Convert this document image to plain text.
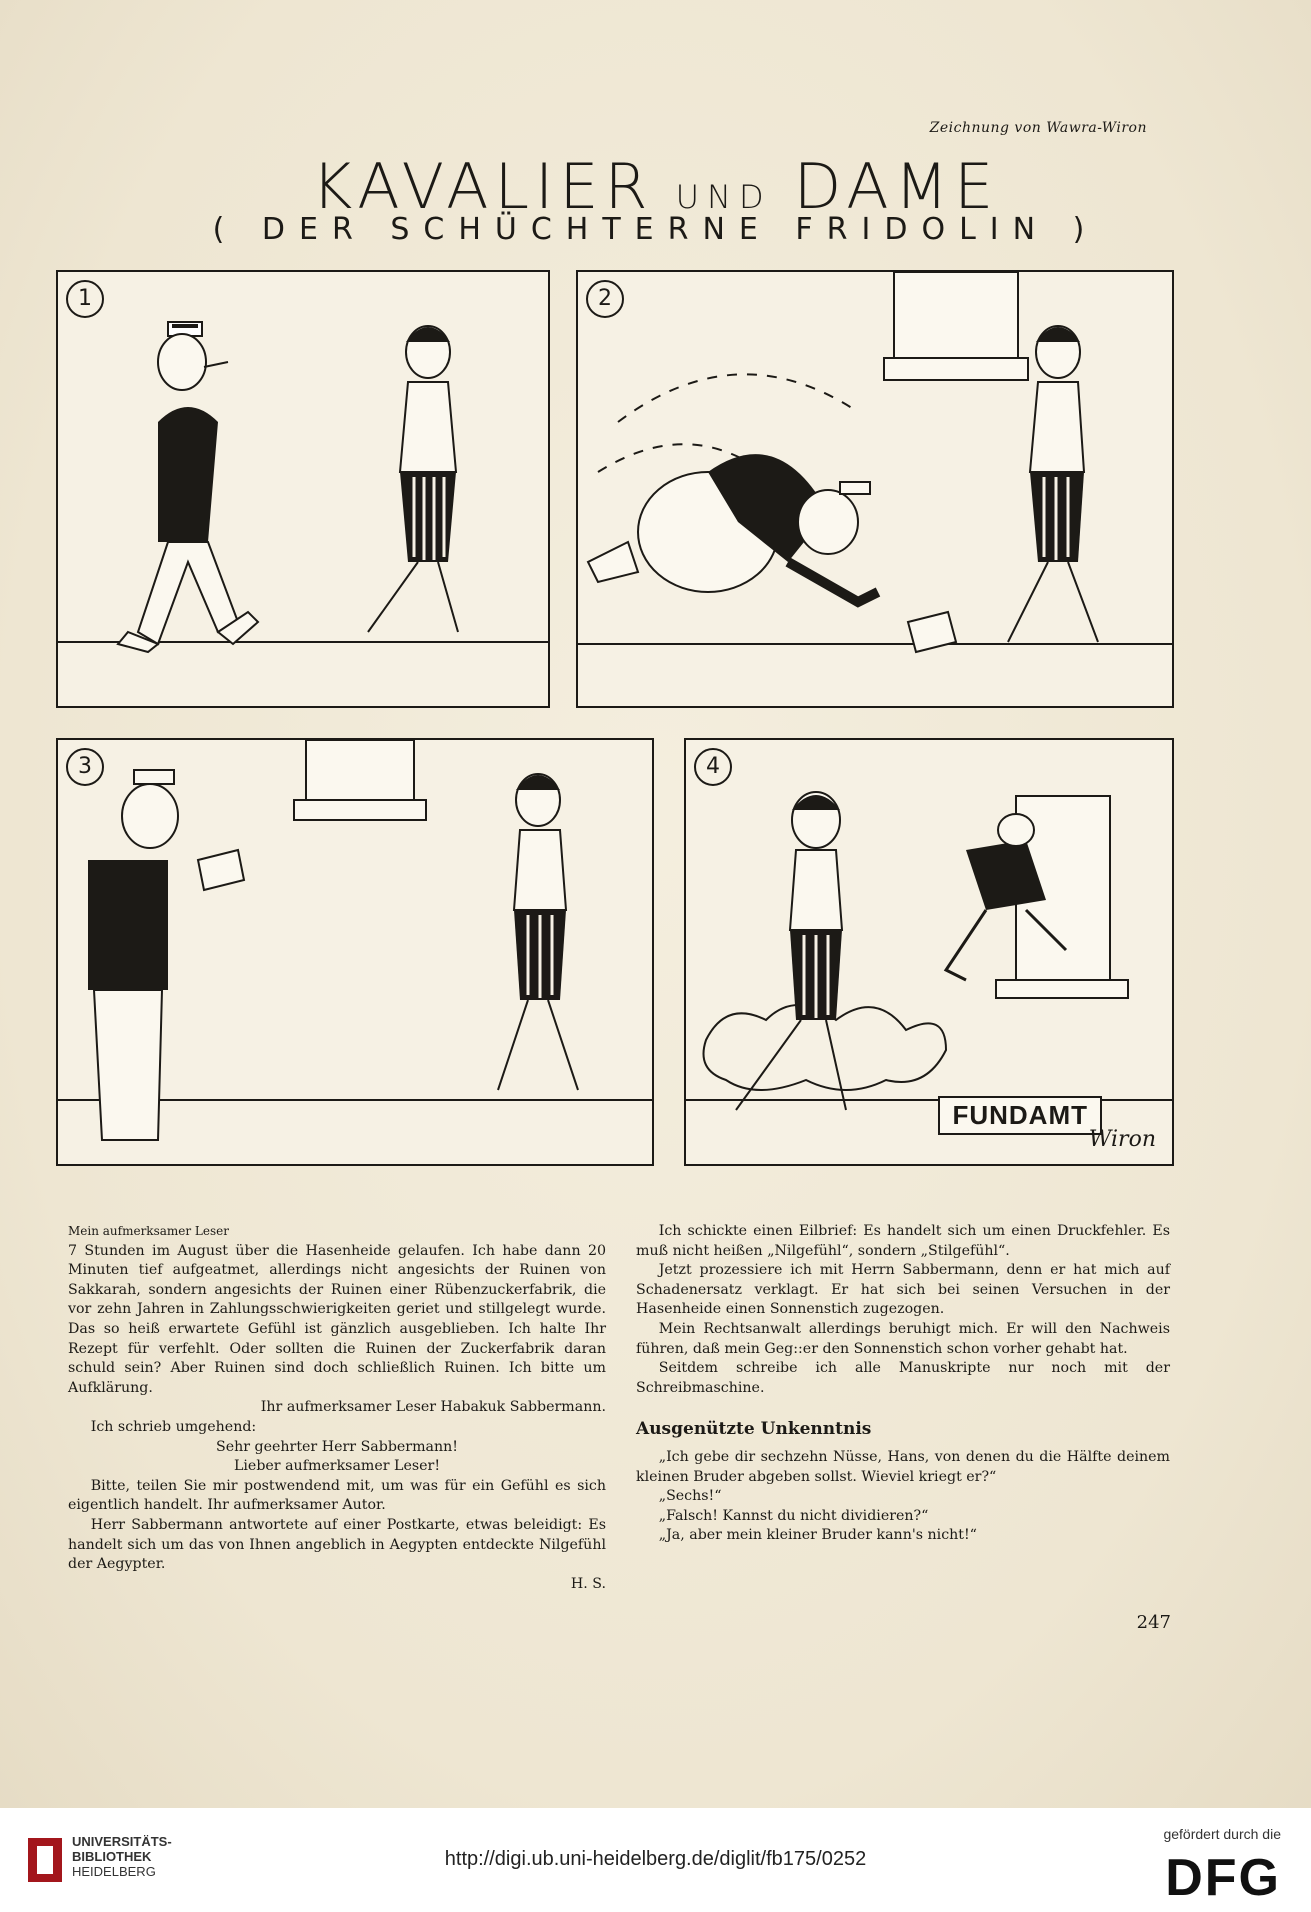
Zeichnung von Wawra-Wiron
KAVALIER UND DAME
( DER SCHÜCHTERNE FRIDOLIN )
1	2
3	4
FUNDAMT
Wiron

Mein aufmerksamer Leser

7 Stunden im August über die Hasenheide gelaufen. Ich habe dann 20 Minuten tief aufgeatmet, allerdings nicht angesichts der Ruinen von Sakkarah, sondern angesichts der Ruinen einer Rübenzuckerfabrik, die vor zehn Jahren in Zahlungsschwierigkeiten geriet und stillgelegt wurde. Das so heiß erwartete Gefühl ist gänzlich ausgeblieben. Ich halte Ihr Rezept für verfehlt. Oder sollten die Ruinen der Zuckerfabrik daran schuld sein? Aber Ruinen sind doch schließlich Ruinen. Ich bitte um Aufklärung.

Ihr aufmerksamer Leser Habakuk Sabbermann.

Ich schrieb umgehend:

Sehr geehrter Herr Sabbermann!

Lieber aufmerksamer Leser!

Bitte, teilen Sie mir postwendend mit, um was für ein Gefühl es sich eigentlich handelt. Ihr aufmerksamer Autor.

Herr Sabbermann antwortete auf einer Postkarte, etwas beleidigt: Es handelt sich um das von Ihnen angeblich in Aegypten entdeckte Nilgefühl der Aegypter.

H. S.

Ich schickte einen Eilbrief: Es handelt sich um einen Druckfehler. Es muß nicht heißen „Nilgefühl“, sondern „Stilgefühl“.

Jetzt prozessiere ich mit Herrn Sabbermann, denn er hat mich auf Schadenersatz verklagt. Er hat sich bei seinen Versuchen in der Hasenheide einen Sonnenstich zugezogen.

Mein Rechtsanwalt allerdings beruhigt mich. Er will den Nachweis führen, daß mein Geg::er den Sonnenstich schon vorher gehabt hat.

Seitdem schreibe ich alle Manuskripte nur noch mit der Schreibmaschine.

Ausgenützte Unkenntnis

„Ich gebe dir sechzehn Nüsse, Hans, von denen du die Hälfte deinem kleinen Bruder abgeben sollst. Wieviel kriegt er?“

„Sechs!“

„Falsch! Kannst du nicht dividieren?“

„Ja, aber mein kleiner Bruder kann's nicht!“

247
UNIVERSITÄTS-
BIBLIOTHEK
HEIDELBERG
http://digi.ub.uni-heidelberg.de/diglit/fb175/0252
gefördert durch die
DFG
